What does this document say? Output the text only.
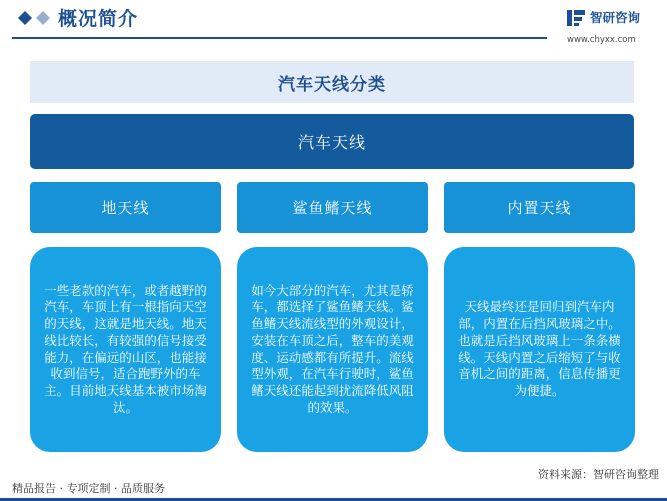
概况简介	智研咨询
www.chyxx.com
汽车天线分类
汽车天线
地天线	鲨鱼鳍天线	内置天线
一些老款的汽车，或者越野的汽车，车顶上有一根指向天空的天线，这就是地天线。地天线比较长，有较强的信号接受能力，在偏远的山区，也能接收到信号，适合跑野外的车主。目前地天线基本被市场淘汰。
如今大部分的汽车，尤其是轿车，都选择了鲨鱼鳍天线。鲨鱼鳍天线流线型的外观设计，安装在车顶之后，整车的美观度、运动感都有所提升。流线型外观，在汽车行驶时，鲨鱼鳍天线还能起到扰流降低风阻的效果。
天线最终还是回归到汽车内部，内置在后挡风玻璃之中。也就是后挡风玻璃上一条条横线。天线内置之后缩短了与收音机之间的距离，信息传播更为便捷。
精品报告 · 专项定制 · 品质服务
资料来源：智研咨询整理
